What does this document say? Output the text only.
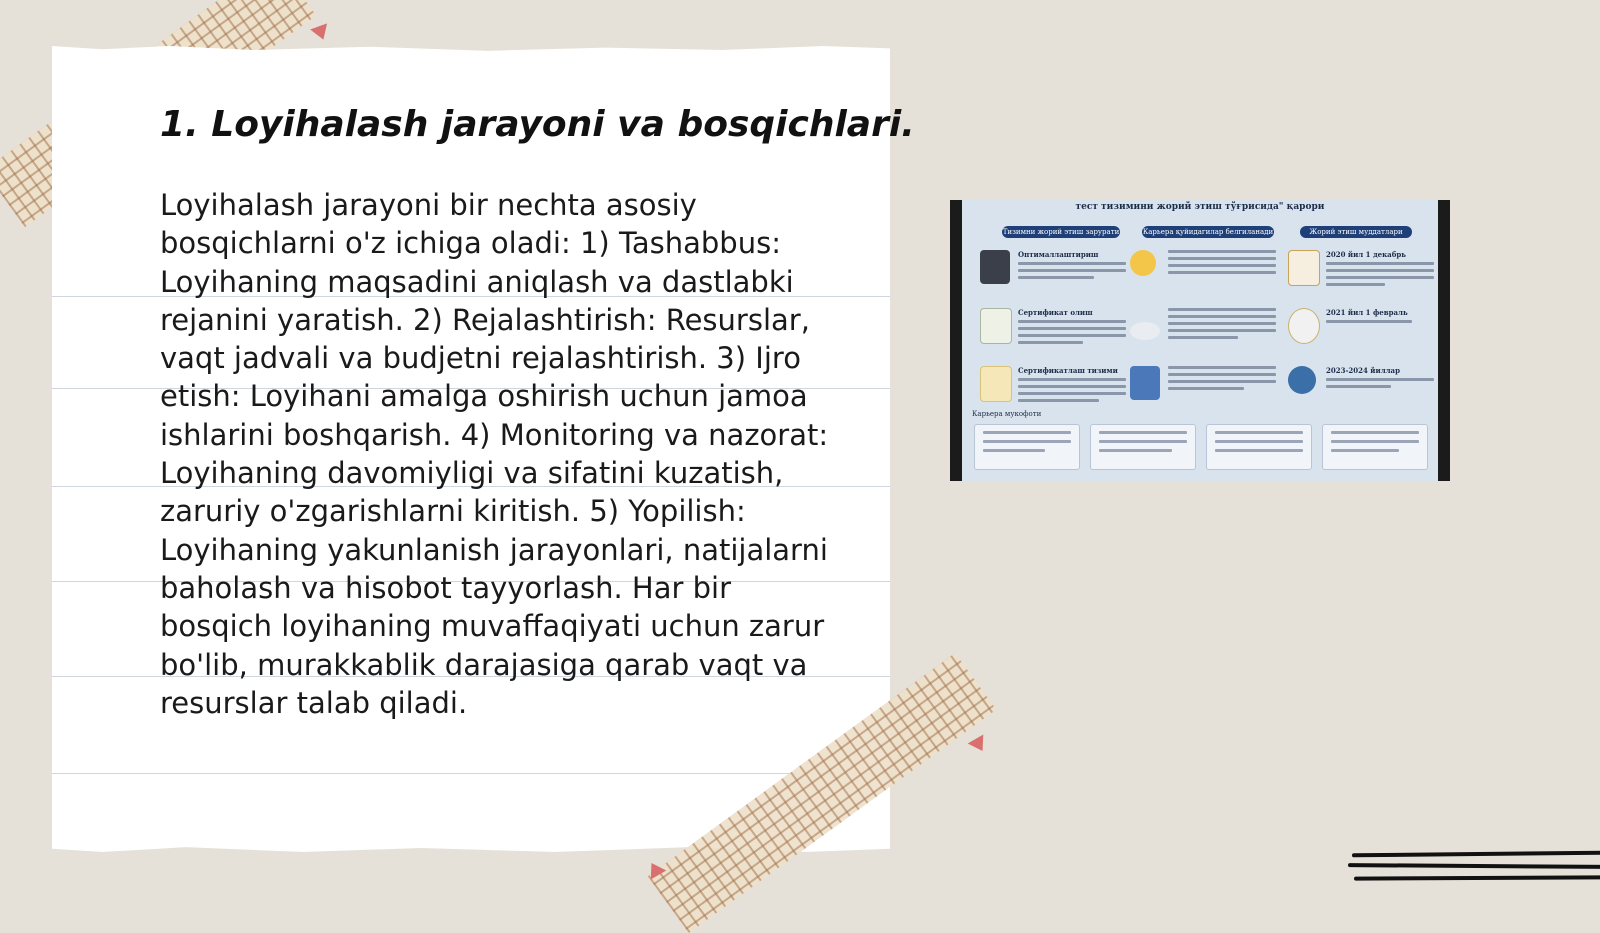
1. Loyihalash jarayoni va bosqichlari.

Loyihalash jarayoni bir nechta asosiy bosqichlarni o'z ichiga oladi: 1) Tashabbus: Loyihaning maqsadini aniqlash va dastlabki rejanini yaratish. 2) Rejalashtirish: Resurslar, vaqt jadvali va budjetni rejalashtirish. 3) Ijro etish: Loyihani amalga oshirish uchun jamoa ishlarini boshqarish. 4) Monitoring va nazorat: Loyihaning davomiyligi va sifatini kuzatish, zaruriy o'zgarishlarni kiritish. 5) Yopilish: Loyihaning yakunlanish jarayonlari, natijalarni baholash va hisobot tayyorlash. Har bir bosqich loyihaning muvaffaqiyati uchun zarur bo'lib, murakkablik darajasiga qarab vaqt va resurslar talab qiladi.

тест тизимини жорий этиш тўғрисида" қарори
Тизимни жорий этиш зарурати	Карьера қуйидагилар белгиланади	Жорий этиш муддатлари
Оптималлаштириш
Сертификат олиш
Сертификатлаш тизими
2020 йил 1 декабрь
2021 йил 1 февраль
2023-2024 йиллар
Карьера мукофоти
